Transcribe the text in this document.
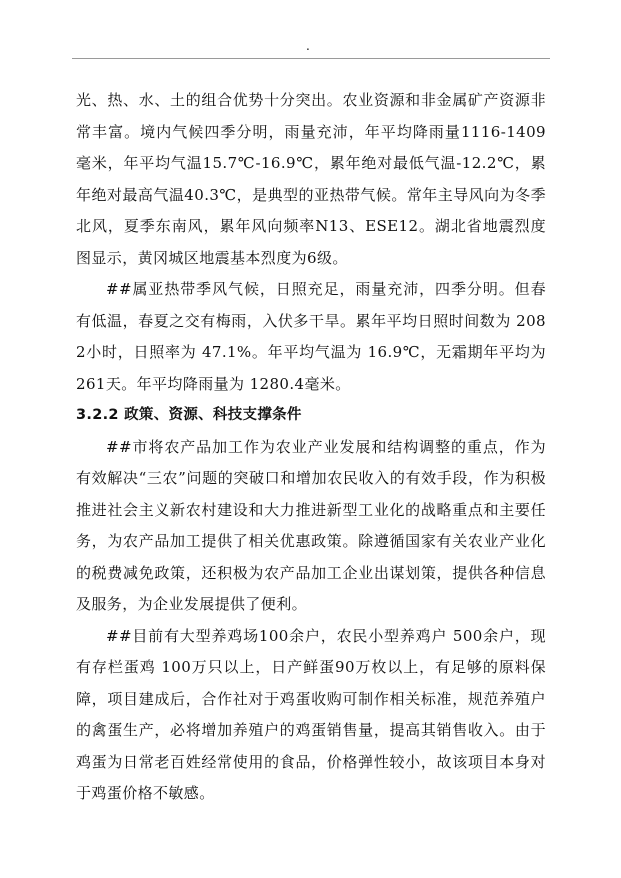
.

光、热、水、土的组合优势十分突出。农业资源和非金属矿产资源非常丰富。境内气候四季分明，雨量充沛，年平均降雨量1116-1409毫米，年平均气温15.7℃-16.9℃，累年绝对最低气温-12.2℃，累年绝对最高气温40.3℃，是典型的亚热带气候。常年主导风向为冬季北风，夏季东南风，累年风向频率N13、ESE12。湖北省地震烈度图显示，黄冈城区地震基本烈度为6级。

##属亚热带季风气候，日照充足，雨量充沛，四季分明。但春有低温，春夏之交有梅雨，入伏多干旱。累年平均日照时间数为 2082小时，日照率为 47.1%。年平均气温为 16.9℃，无霜期年平均为261天。年平均降雨量为 1280.4毫米。

3.2.2 政策、资源、科技支撑条件

##市将农产品加工作为农业产业发展和结构调整的重点，作为有效解决“三农”问题的突破口和增加农民收入的有效手段，作为积极推进社会主义新农村建设和大力推进新型工业化的战略重点和主要任务，为农产品加工提供了相关优惠政策。除遵循国家有关农业产业化的税费减免政策，还积极为农产品加工企业出谋划策，提供各种信息及服务，为企业发展提供了便利。

##目前有大型养鸡场100余户，农民小型养鸡户 500余户，现有存栏蛋鸡 100万只以上，日产鲜蛋90万枚以上，有足够的原料保障，项目建成后，合作社对于鸡蛋收购可制作相关标准，规范养殖户的禽蛋生产，必将增加养殖户的鸡蛋销售量，提高其销售收入。由于鸡蛋为日常老百姓经常使用的食品，价格弹性较小，故该项目本身对于鸡蛋价格不敏感。
